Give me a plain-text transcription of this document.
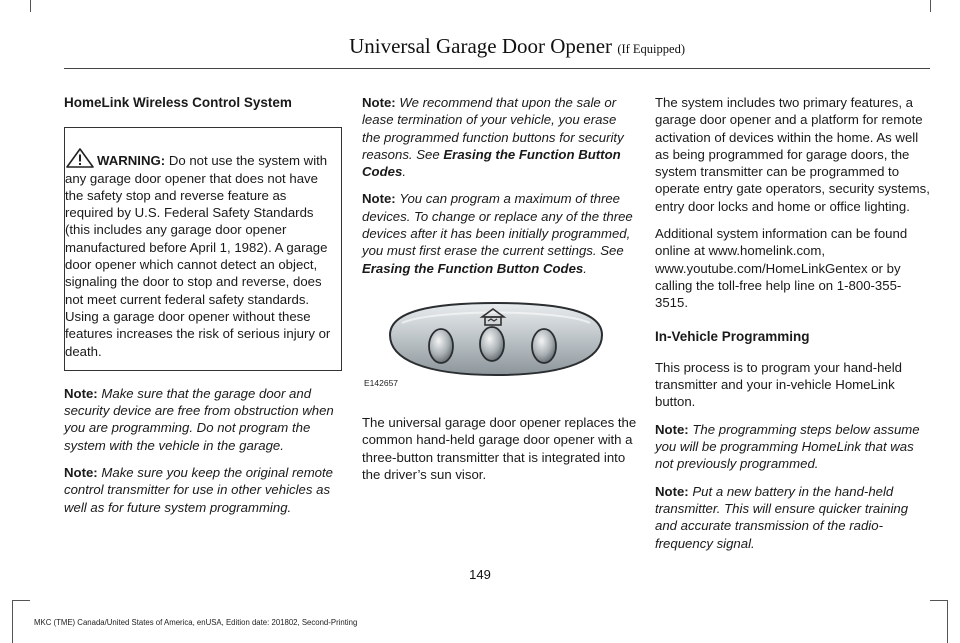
Universal Garage Door Opener (If Equipped)
HomeLink Wireless Control System
WARNING: Do not use the system with any garage door opener that does not have the safety stop and reverse feature as required by U.S. Federal Safety Standards (this includes any garage door opener manufactured before April 1, 1982). A garage door opener which cannot detect an object, signaling the door to stop and reverse, does not meet current federal safety standards. Using a garage door opener without these features increases the risk of serious injury or death.

Note: Make sure that the garage door and security device are free from obstruction when you are programming. Do not program the system with the vehicle in the garage.

Note: Make sure you keep the original remote control transmitter for use in other vehicles as well as for future system programming.

Note: We recommend that upon the sale or lease termination of your vehicle, you erase the programmed function buttons for security reasons. See Erasing the Function Button Codes.

Note: You can program a maximum of three devices. To change or replace any of the three devices after it has been initially programmed, you must first erase the current settings. See Erasing the Function Button Codes.

E142657

The universal garage door opener replaces the common hand-held garage door opener with a three-button transmitter that is integrated into the driver’s sun visor.

The system includes two primary features, a garage door opener and a platform for remote activation of devices within the home. As well as being programmed for garage doors, the system transmitter can be programmed to operate entry gate operators, security systems, entry door locks and home or office lighting.

Additional system information can be found online at www.homelink.com, www.youtube.com/HomeLinkGentex or by calling the toll-free help line on 1-800-355-3515.

In-Vehicle Programming

This process is to program your hand-held transmitter and your in-vehicle HomeLink button.

Note: The programming steps below assume you will be programming HomeLink that was not previously programmed.

Note: Put a new battery in the hand-held transmitter. This will ensure quicker training and accurate transmission of the radio-frequency signal.

149
MKC (TME) Canada/United States of America, enUSA, Edition date: 201802, Second-Printing
